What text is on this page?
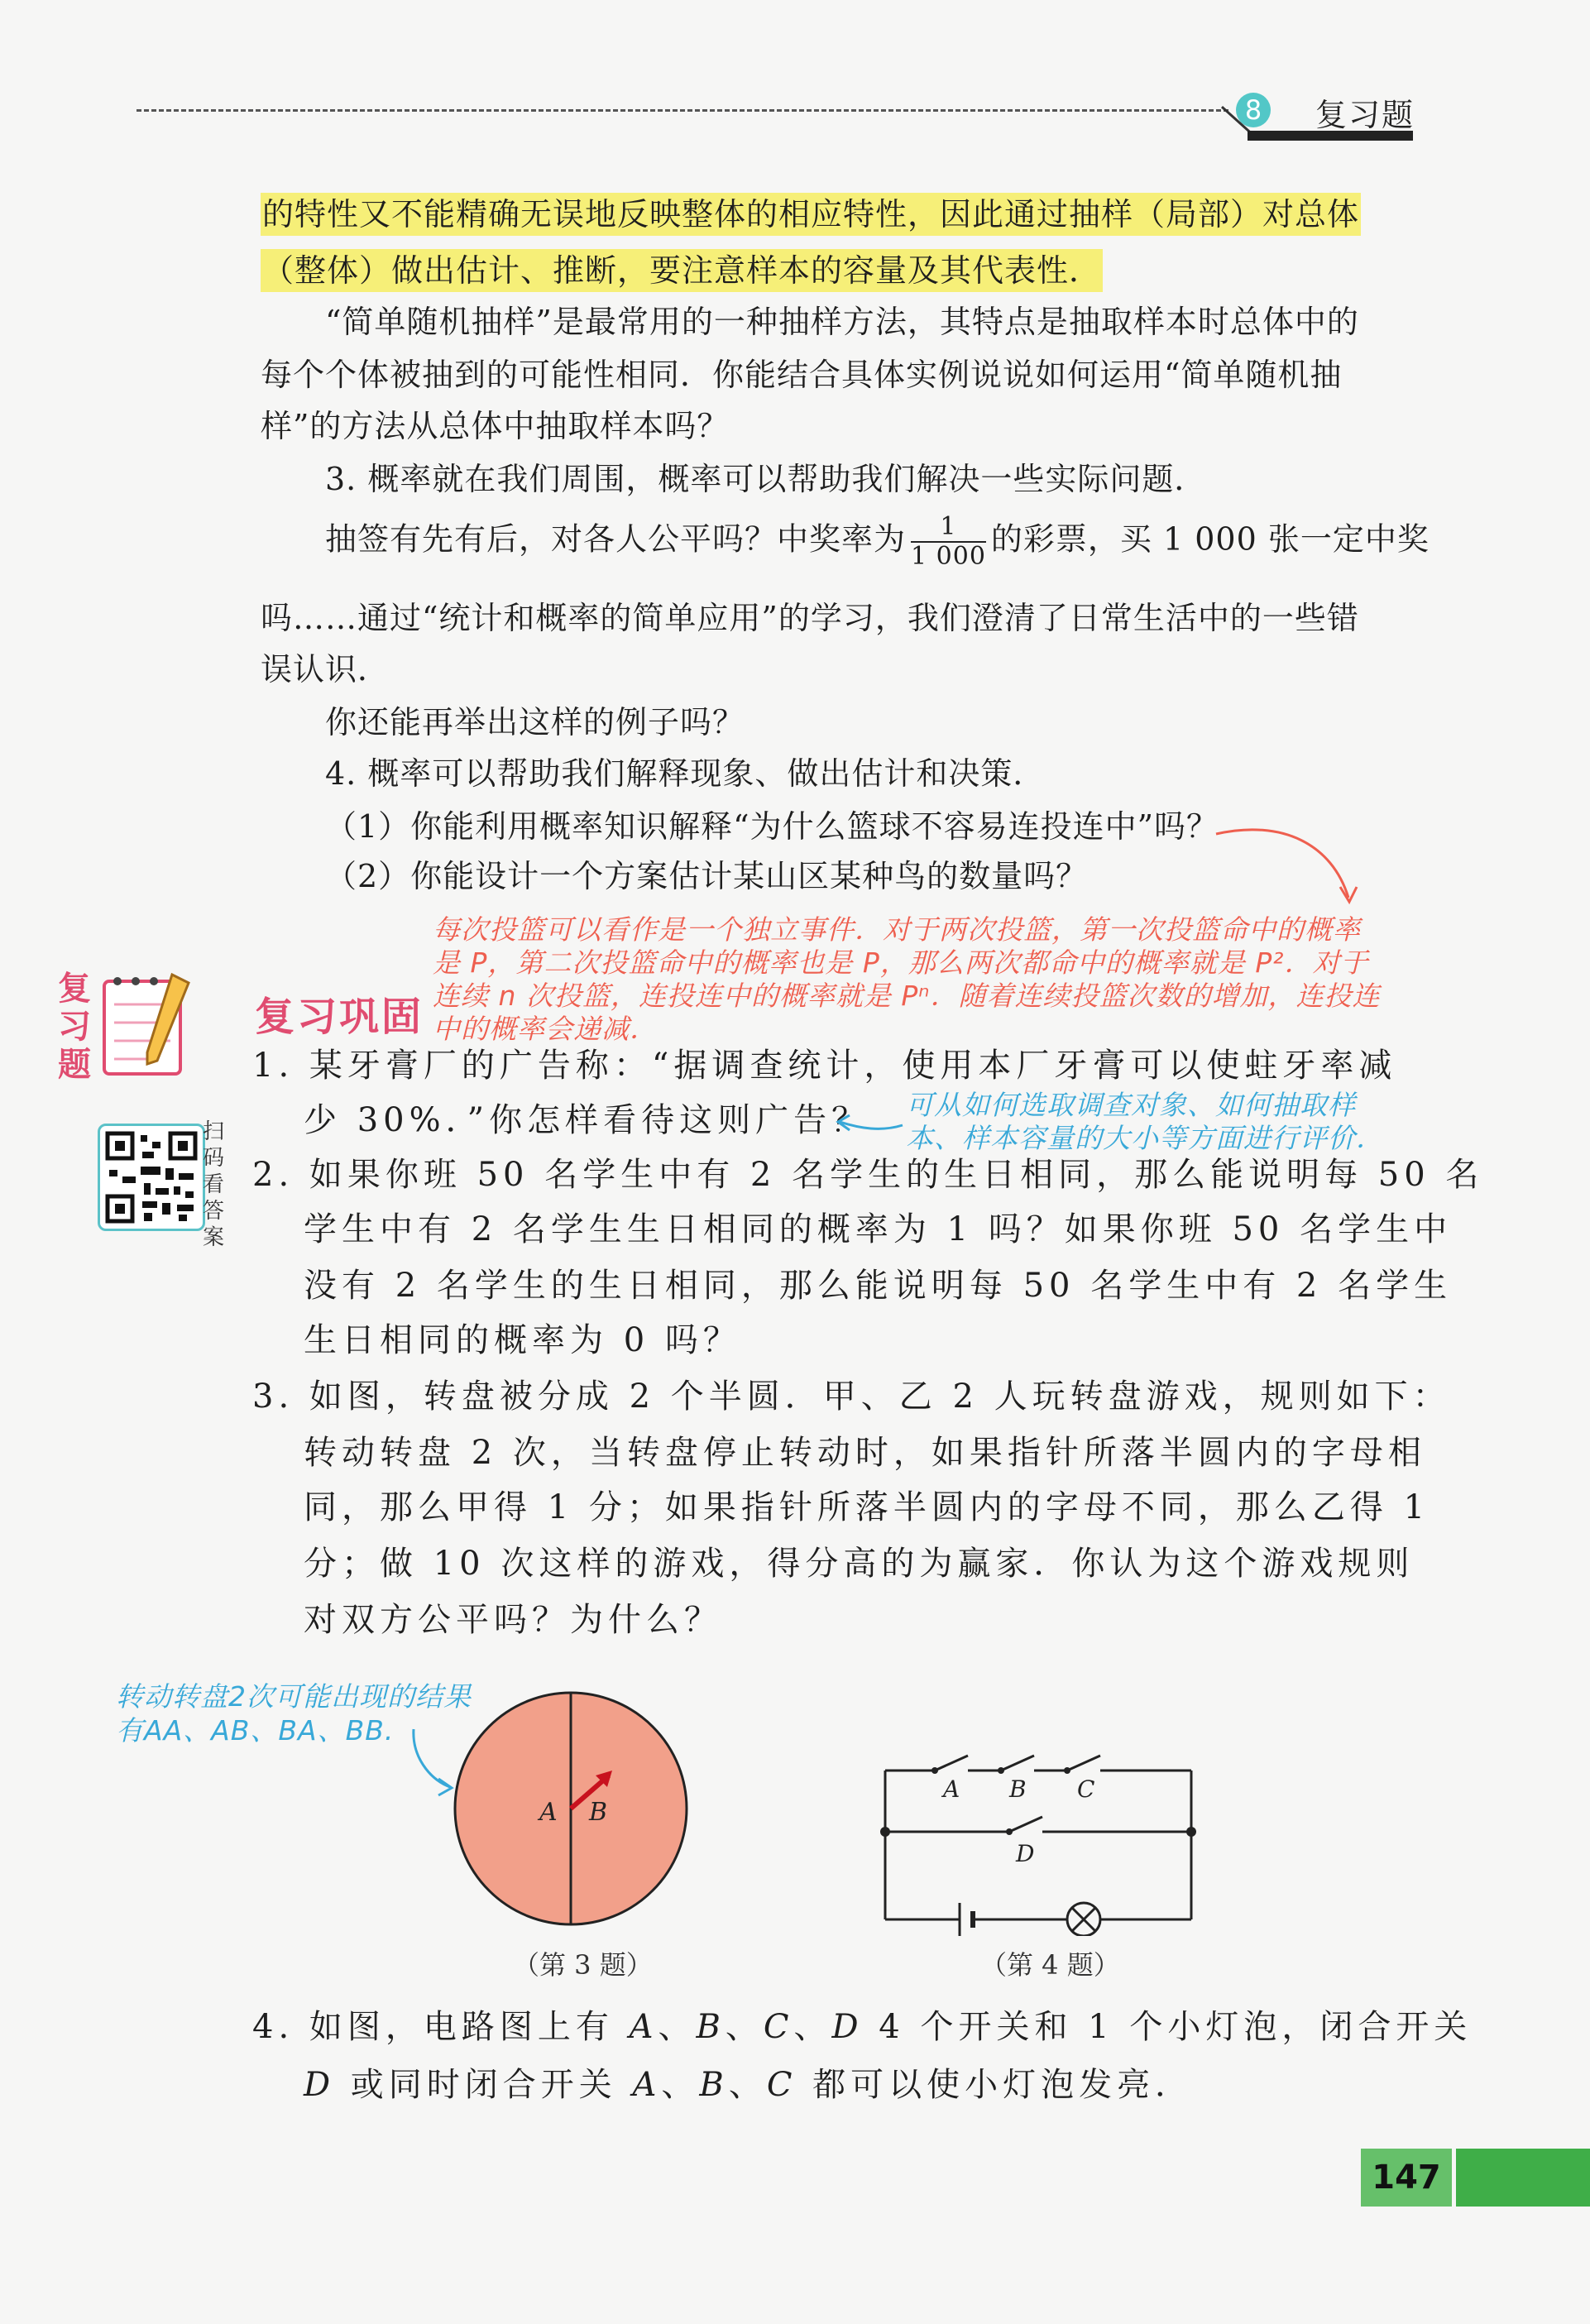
8 复习题
的特性又不能精确无误地反映整体的相应特性，因此通过抽样（局部）对总体
（整体）做出估计、推断，要注意样本的容量及其代表性．
“简单随机抽样”是最常用的一种抽样方法，其特点是抽取样本时总体中的
每个个体被抽到的可能性相同．你能结合具体实例说说如何运用“简单随机抽
样”的方法从总体中抽取样本吗？
3. 概率就在我们周围，概率可以帮助我们解决一些实际问题．
抽签有先有后，对各人公平吗？中奖率为 $\frac{1}{1 000}$ 的彩票，买 1 000 张一定中奖
吗……通过“统计和概率的简单应用”的学习，我们澄清了日常生活中的一些错
误认识．
你还能再举出这样的例子吗？
4. 概率可以帮助我们解释现象、做出估计和决策．
（1）你能利用概率知识解释“为什么篮球不容易连投连中”吗？
（2）你能设计一个方案估计某山区某种鸟的数量吗？
每次投篮可以看作是一个独立事件．对于两次投篮，第一次投篮命中的概率
是 P，第二次投篮命中的概率也是 P，那么两次都命中的概率就是 P²．对于
连续 n 次投篮，连投连中的概率就是 Pⁿ．随着连续投篮次数的增加，连投连
中的概率会递减．
复习题
复习巩固
扫码看答案
1. 某牙膏厂的广告称：“据调查统计，使用本厂牙膏可以使蛀牙率减
少 30%．”你怎样看待这则广告？ 可从如何选取调查对象、如何抽取样
本、样本容量的大小等方面进行评价．
2. 如果你班 50 名学生中有 2 名学生的生日相同，那么能说明每 50 名
学生中有 2 名学生生日相同的概率为 1 吗？如果你班 50 名学生中
没有 2 名学生的生日相同，那么能说明每 50 名学生中有 2 名学生
生日相同的概率为 0 吗？
3. 如图，转盘被分成 2 个半圆．甲、乙 2 人玩转盘游戏，规则如下：
转动转盘 2 次，当转盘停止转动时，如果指针所落半圆内的字母相
同，那么甲得 1 分；如果指针所落半圆内的字母不同，那么乙得 1
分；做 10 次这样的游戏，得分高的为赢家．你认为这个游戏规则
对双方公平吗？为什么？
转动转盘2次可能出现的结果
有AA、AB、BA、BB.
A B
（第 3 题）
A B C
D
（第 4 题）
4. 如图，电路图上有 A、B、C、D 4 个开关和 1 个小灯泡，闭合开关
D 或同时闭合开关 A、B、C 都可以使小灯泡发亮．
147
